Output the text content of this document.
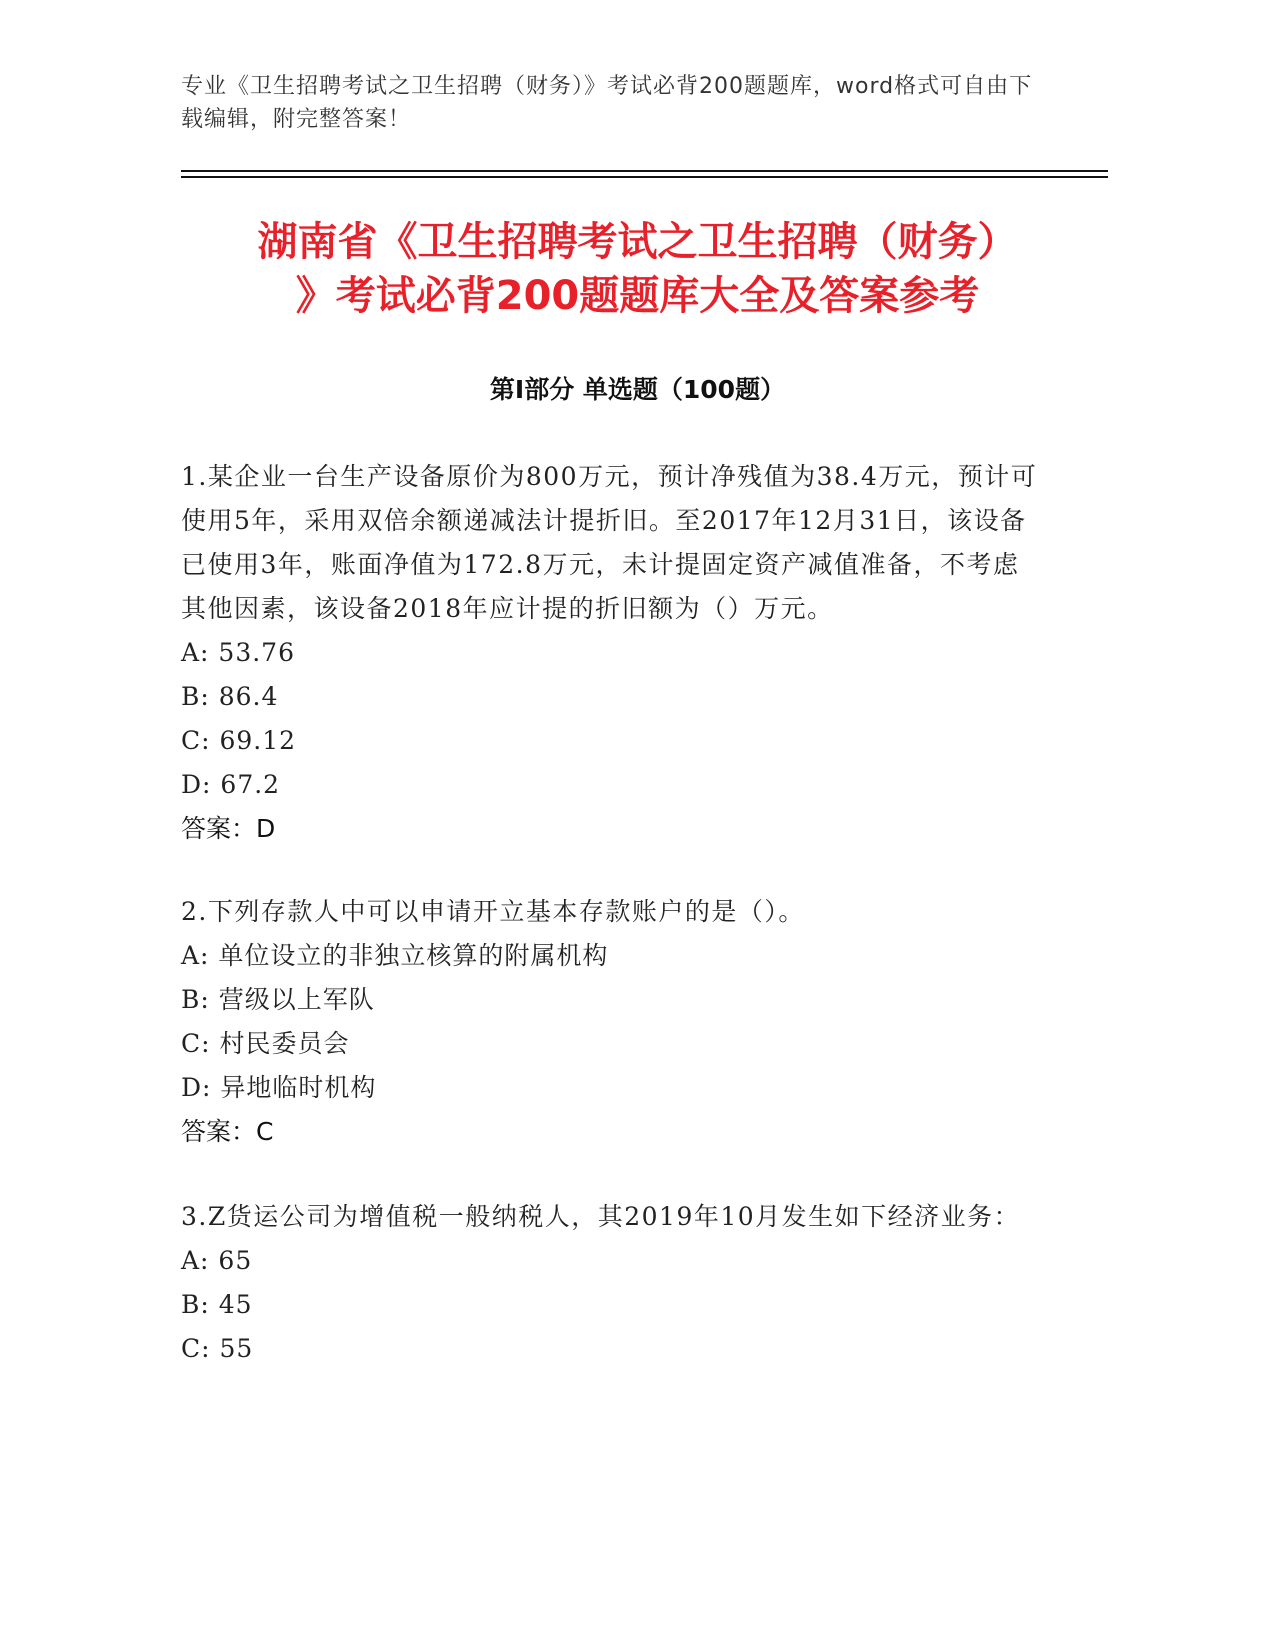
专业《卫生招聘考试之卫生招聘（财务）》考试必背200题题库，word格式可自由下载编辑，附完整答案！
湖南省《卫生招聘考试之卫生招聘（财务）
》考试必背200题题库大全及答案参考
第Ⅰ部分 单选题（100题）
1.某企业一台生产设备原价为800万元，预计净残值为38.4万元，预计可使用5年，采用双倍余额递减法计提折旧。至2017年12月31日，该设备已使用3年，账面净值为172.8万元，未计提固定资产减值准备，不考虑其他因素，该设备2018年应计提的折旧额为（）万元。
A: 53.76
B: 86.4
C: 69.12
D: 67.2
答案：D
2.下列存款人中可以申请开立基本存款账户的是（）。
A: 单位设立的非独立核算的附属机构
B: 营级以上军队
C: 村民委员会
D: 异地临时机构
答案：C
3.Z货运公司为增值税一般纳税人，其2019年10月发生如下经济业务：
A: 65
B: 45
C: 55
